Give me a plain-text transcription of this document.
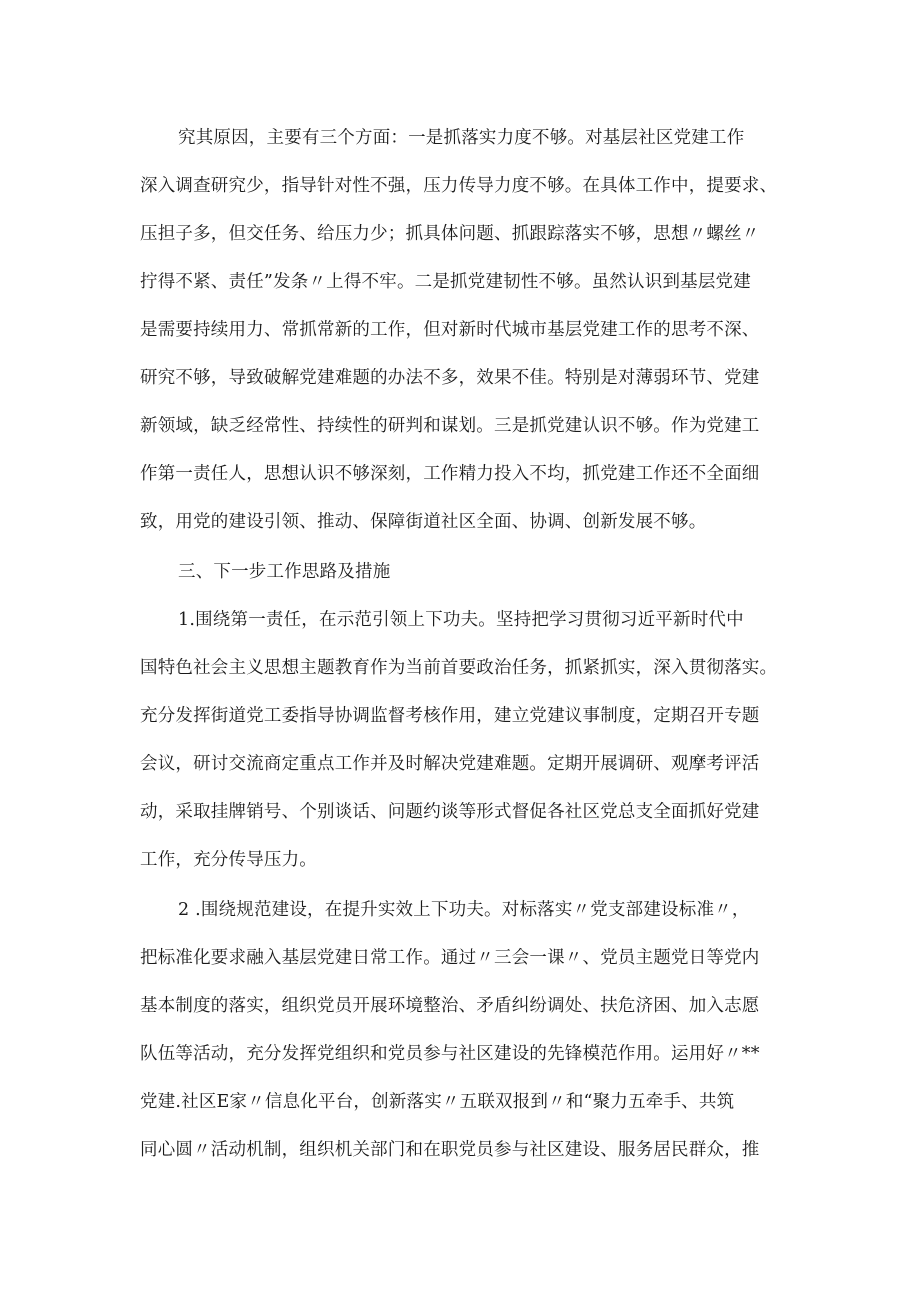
究其原因，主要有三个方面：一是抓落实力度不够。对基层社区党建工作
深入调查研究少，指导针对性不强，压力传导力度不够。在具体工作中，提要求、
压担子多，但交任务、给压力少；抓具体问题、抓跟踪落实不够，思想〃螺丝〃
拧得不紧、责任”发条〃上得不牢。二是抓党建韧性不够。虽然认识到基层党建
是需要持续用力、常抓常新的工作，但对新时代城市基层党建工作的思考不深、
研究不够，导致破解党建难题的办法不多，效果不佳。特别是对薄弱环节、党建
新领域，缺乏经常性、持续性的研判和谋划。三是抓党建认识不够。作为党建工
作第一责任人，思想认识不够深刻，工作精力投入不均，抓党建工作还不全面细
致，用党的建设引领、推动、保障街道社区全面、协调、创新发展不够。
三、下一步工作思路及措施
1.围绕第一责任，在示范引领上下功夫。坚持把学习贯彻习近平新时代中
国特色社会主义思想主题教育作为当前首要政治任务，抓紧抓实，深入贯彻落实。
充分发挥街道党工委指导协调监督考核作用，建立党建议事制度，定期召开专题
会议，研讨交流商定重点工作并及时解决党建难题。定期开展调研、观摩考评活
动，采取挂牌销号、个别谈话、问题约谈等形式督促各社区党总支全面抓好党建
工作，充分传导压力。
2 .围绕规范建设，在提升实效上下功夫。对标落实〃党支部建设标准〃，
把标准化要求融入基层党建日常工作。通过〃三会一课〃、党员主题党日等党内
基本制度的落实，组织党员开展环境整治、矛盾纠纷调处、扶危济困、加入志愿
队伍等活动，充分发挥党组织和党员参与社区建设的先锋模范作用。运用好〃**
党建.社区E家〃信息化平台，创新落实〃五联双报到〃和“聚力五牵手、共筑
同心圆〃活动机制，组织机关部门和在职党员参与社区建设、服务居民群众，推
